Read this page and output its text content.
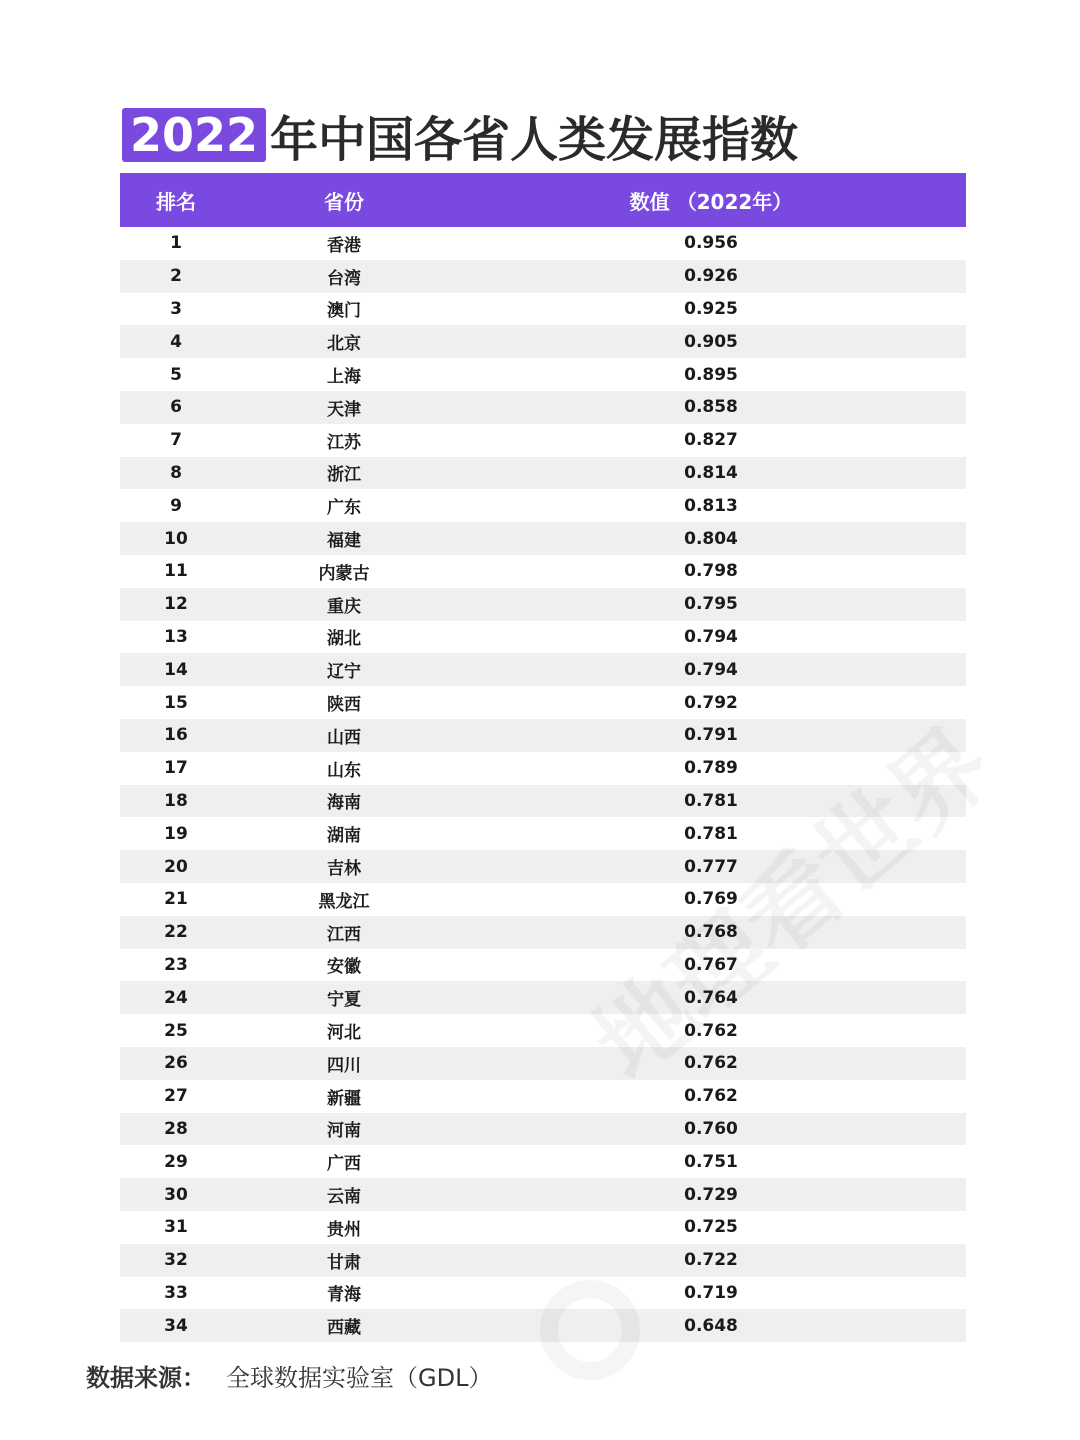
2022 年中国各省人类发展指数
排名	省份	数值 （2022年）
1	香港	0.956
2	台湾	0.926
3	澳门	0.925
4	北京	0.905
5	上海	0.895
6	天津	0.858
7	江苏	0.827
8	浙江	0.814
9	广东	0.813
10	福建	0.804
11	内蒙古	0.798
12	重庆	0.795
13	湖北	0.794
14	辽宁	0.794
15	陕西	0.792
16	山西	0.791
17	山东	0.789
18	海南	0.781
19	湖南	0.781
20	吉林	0.777
21	黑龙江	0.769
22	江西	0.768
23	安徽	0.767
24	宁夏	0.764
25	河北	0.762
26	四川	0.762
27	新疆	0.762
28	河南	0.760
29	广西	0.751
30	云南	0.729
31	贵州	0.725
32	甘肃	0.722
33	青海	0.719
34	西藏	0.648
数据来源： 全球数据实验室（GDL）
